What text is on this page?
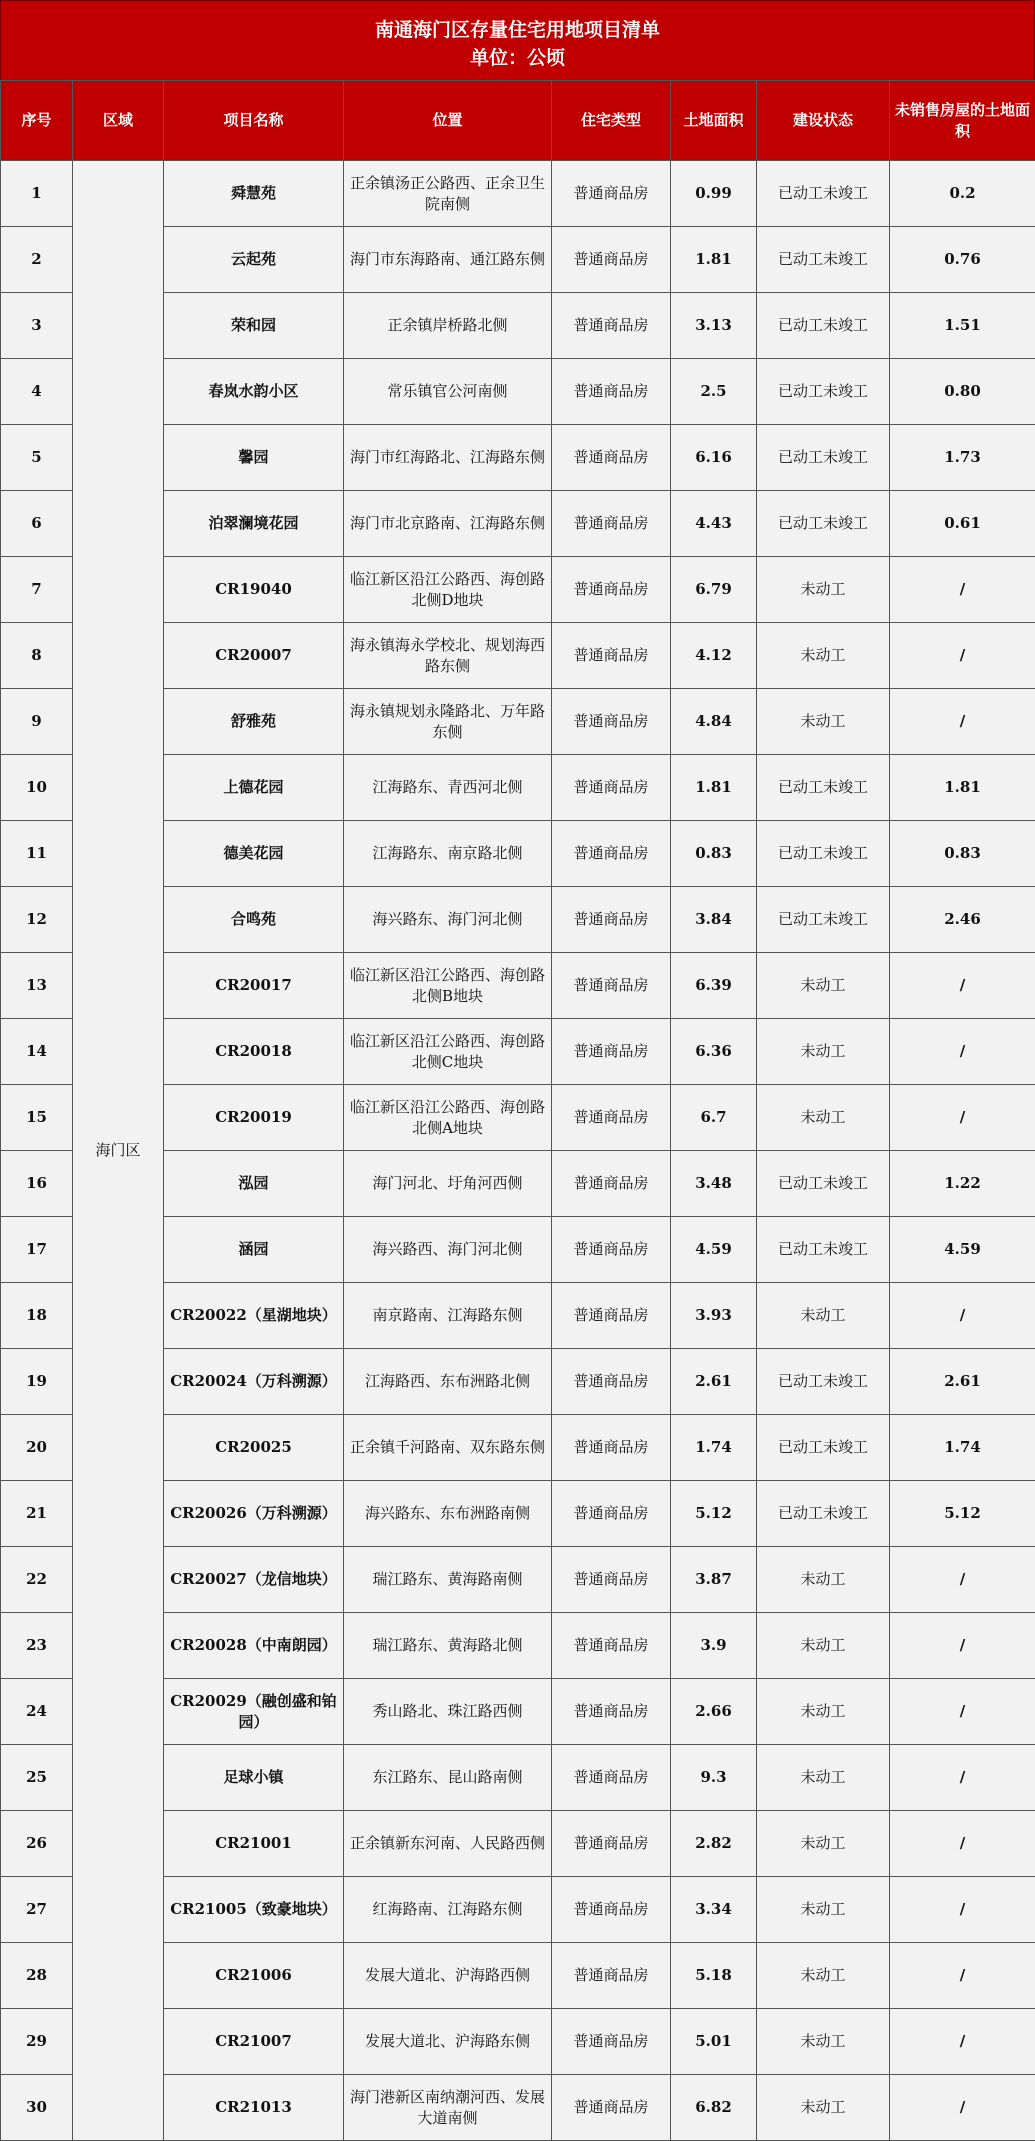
南通海门区存量住宅用地项目清单
单位：公顷
序号	区域	项目名称	位置	住宅类型	土地面积	建设状态	未销售房屋的土地面积
1	海门区	舜慧苑	正余镇汤正公路西、正余卫生院南侧	普通商品房	0.99	已动工未竣工	0.2
2		云起苑	海门市东海路南、通江路东侧	普通商品房	1.81	已动工未竣工	0.76
3		荣和园	正余镇岸桥路北侧	普通商品房	3.13	已动工未竣工	1.51
4		春岚水韵小区	常乐镇官公河南侧	普通商品房	2.5	已动工未竣工	0.80
5		馨园	海门市红海路北、江海路东侧	普通商品房	6.16	已动工未竣工	1.73
6		泊翠澜境花园	海门市北京路南、江海路东侧	普通商品房	4.43	已动工未竣工	0.61
7		CR19040	临江新区沿江公路西、海创路北侧D地块	普通商品房	6.79	未动工	/
8		CR20007	海永镇海永学校北、规划海西路东侧	普通商品房	4.12	未动工	/
9		舒雅苑	海永镇规划永隆路北、万年路东侧	普通商品房	4.84	未动工	/
10		上德花园	江海路东、青西河北侧	普通商品房	1.81	已动工未竣工	1.81
11		德美花园	江海路东、南京路北侧	普通商品房	0.83	已动工未竣工	0.83
12		合鸣苑	海兴路东、海门河北侧	普通商品房	3.84	已动工未竣工	2.46
13		CR20017	临江新区沿江公路西、海创路北侧B地块	普通商品房	6.39	未动工	/
14		CR20018	临江新区沿江公路西、海创路北侧C地块	普通商品房	6.36	未动工	/
15		CR20019	临江新区沿江公路西、海创路北侧A地块	普通商品房	6.7	未动工	/
16		泓园	海门河北、圩角河西侧	普通商品房	3.48	已动工未竣工	1.22
17		涵园	海兴路西、海门河北侧	普通商品房	4.59	已动工未竣工	4.59
18		CR20022（星湖地块）	南京路南、江海路东侧	普通商品房	3.93	未动工	/
19		CR20024（万科溯源）	江海路西、东布洲路北侧	普通商品房	2.61	已动工未竣工	2.61
20		CR20025	正余镇千河路南、双东路东侧	普通商品房	1.74	已动工未竣工	1.74
21		CR20026（万科溯源）	海兴路东、东布洲路南侧	普通商品房	5.12	已动工未竣工	5.12
22		CR20027（龙信地块）	瑞江路东、黄海路南侧	普通商品房	3.87	未动工	/
23		CR20028（中南朗园）	瑞江路东、黄海路北侧	普通商品房	3.9	未动工	/
24		CR20029（融创盛和铂园）	秀山路北、珠江路西侧	普通商品房	2.66	未动工	/
25		足球小镇	东江路东、昆山路南侧	普通商品房	9.3	未动工	/
26		CR21001	正余镇新东河南、人民路西侧	普通商品房	2.82	未动工	/
27		CR21005（致豪地块）	红海路南、江海路东侧	普通商品房	3.34	未动工	/
28		CR21006	发展大道北、沪海路西侧	普通商品房	5.18	未动工	/
29		CR21007	发展大道北、沪海路东侧	普通商品房	5.01	未动工	/
30		CR21013	海门港新区南纳潮河西、发展大道南侧	普通商品房	6.82	未动工	/
